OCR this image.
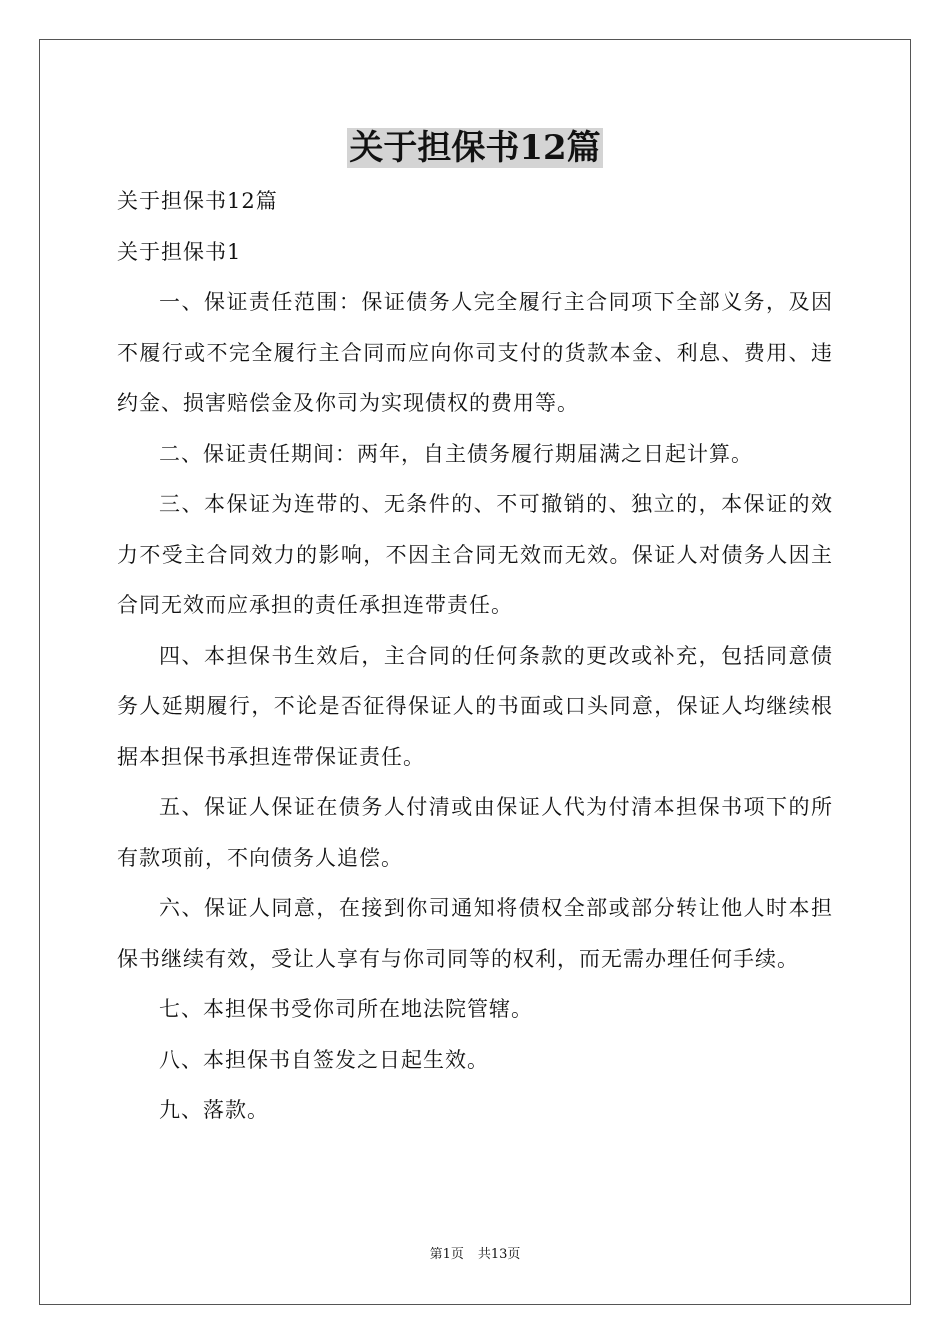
关于担保书12篇

关于担保书12篇

关于担保书1

一、保证责任范围：保证债务人完全履行主合同项下全部义务，及因不履行或不完全履行主合同而应向你司支付的货款本金、利息、费用、违约金、损害赔偿金及你司为实现债权的费用等。

二、保证责任期间：两年，自主债务履行期届满之日起计算。

三、本保证为连带的、无条件的、不可撤销的、独立的，本保证的效力不受主合同效力的影响，不因主合同无效而无效。保证人对债务人因主合同无效而应承担的责任承担连带责任。

四、本担保书生效后，主合同的任何条款的更改或补充，包括同意债务人延期履行，不论是否征得保证人的书面或口头同意，保证人均继续根据本担保书承担连带保证责任。

五、保证人保证在债务人付清或由保证人代为付清本担保书项下的所有款项前，不向债务人追偿。

六、保证人同意，在接到你司通知将债权全部或部分转让他人时本担保书继续有效，受让人享有与你司同等的权利，而无需办理任何手续。

七、本担保书受你司所在地法院管辖。

八、本担保书自签发之日起生效。

九、落款。

第1页 共13页
